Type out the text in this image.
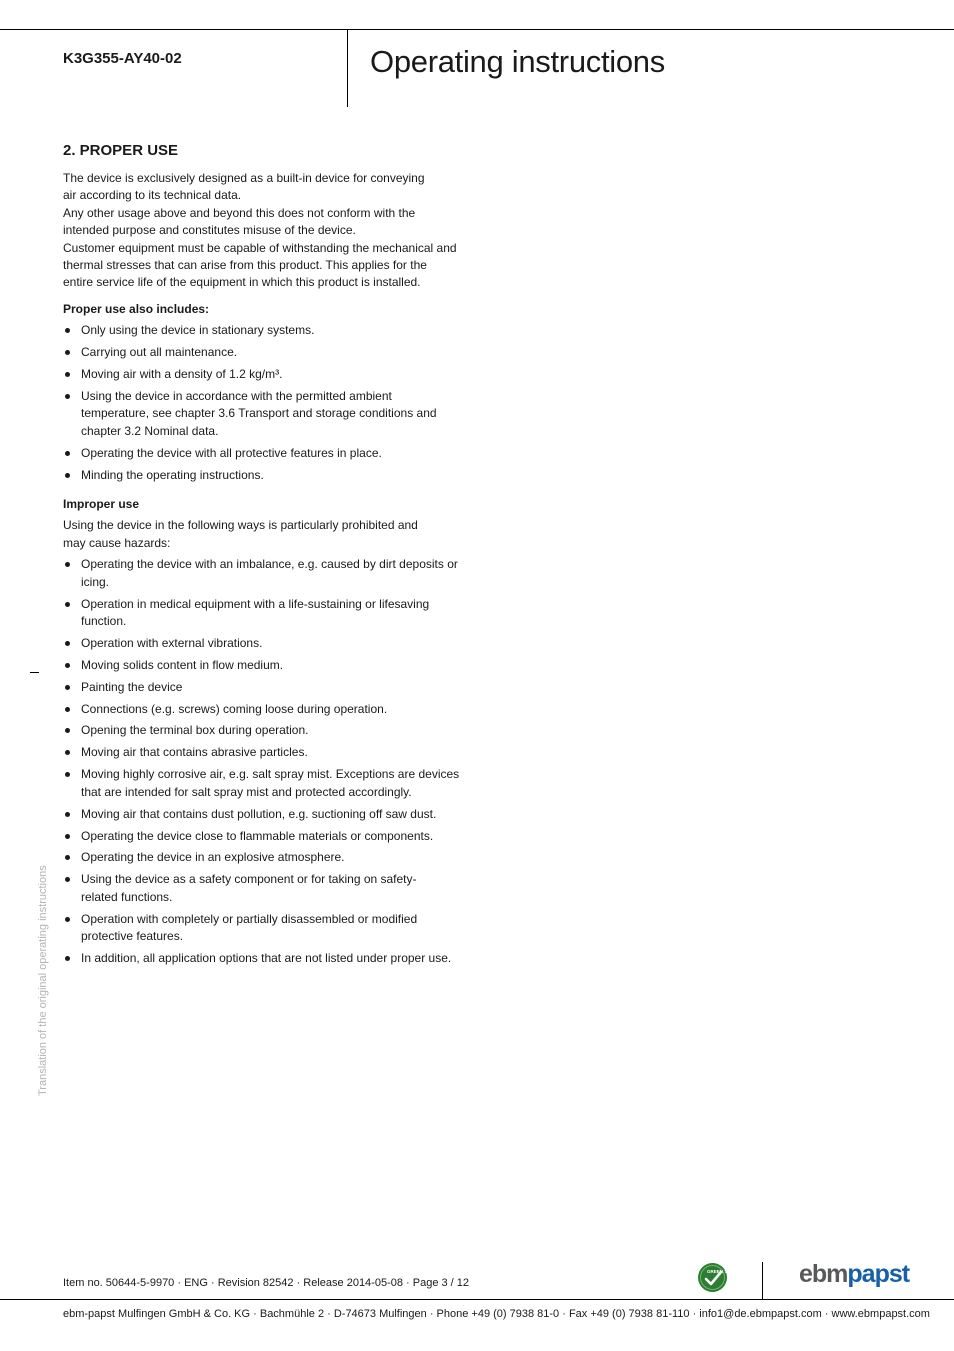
K3G355-AY40-02	Operating instructions
2. PROPER USE

The device is exclusively designed as a built-in device for conveying air according to its technical data.

Any other usage above and beyond this does not conform with the intended purpose and constitutes misuse of the device.

Customer equipment must be capable of withstanding the mechanical and thermal stresses that can arise from this product. This applies for the entire service life of the equipment in which this product is installed.

Proper use also includes:
Only using the device in stationary systems.
Carrying out all maintenance.
Moving air with a density of 1.2 kg/m³.
Using the device in accordance with the permitted ambient temperature, see chapter 3.6 Transport and storage conditions and chapter 3.2 Nominal data.
Operating the device with all protective features in place.
Minding the operating instructions.
Improper use

Using the device in the following ways is particularly prohibited and may cause hazards:

Operating the device with an imbalance, e.g. caused by dirt deposits or icing.
Operation in medical equipment with a life-sustaining or lifesaving function.
Operation with external vibrations.
Moving solids content in flow medium.
Painting the device
Connections (e.g. screws) coming loose during operation.
Opening the terminal box during operation.
Moving air that contains abrasive particles.
Moving highly corrosive air, e.g. salt spray mist. Exceptions are devices that are intended for salt spray mist and protected accordingly.
Moving air that contains dust pollution, e.g. suctioning off saw dust.
Operating the device close to flammable materials or components.
Operating the device in an explosive atmosphere.
Using the device as a safety component or for taking on safety-related functions.
Operation with completely or partially disassembled or modified protective features.
In addition, all application options that are not listed under proper use.
Translation of the original operating instructions
Item no. 50644-5-9970 · ENG · Revision 82542 · Release 2014-05-08 · Page 3 / 12
GREEN TECH ebmpapst
ebm-papst Mulfingen GmbH & Co. KG · Bachmühle 2 · D-74673 Mulfingen · Phone +49 (0) 7938 81-0 · Fax +49 (0) 7938 81-110 · info1@de.ebmpapst.com · www.ebmpapst.com
